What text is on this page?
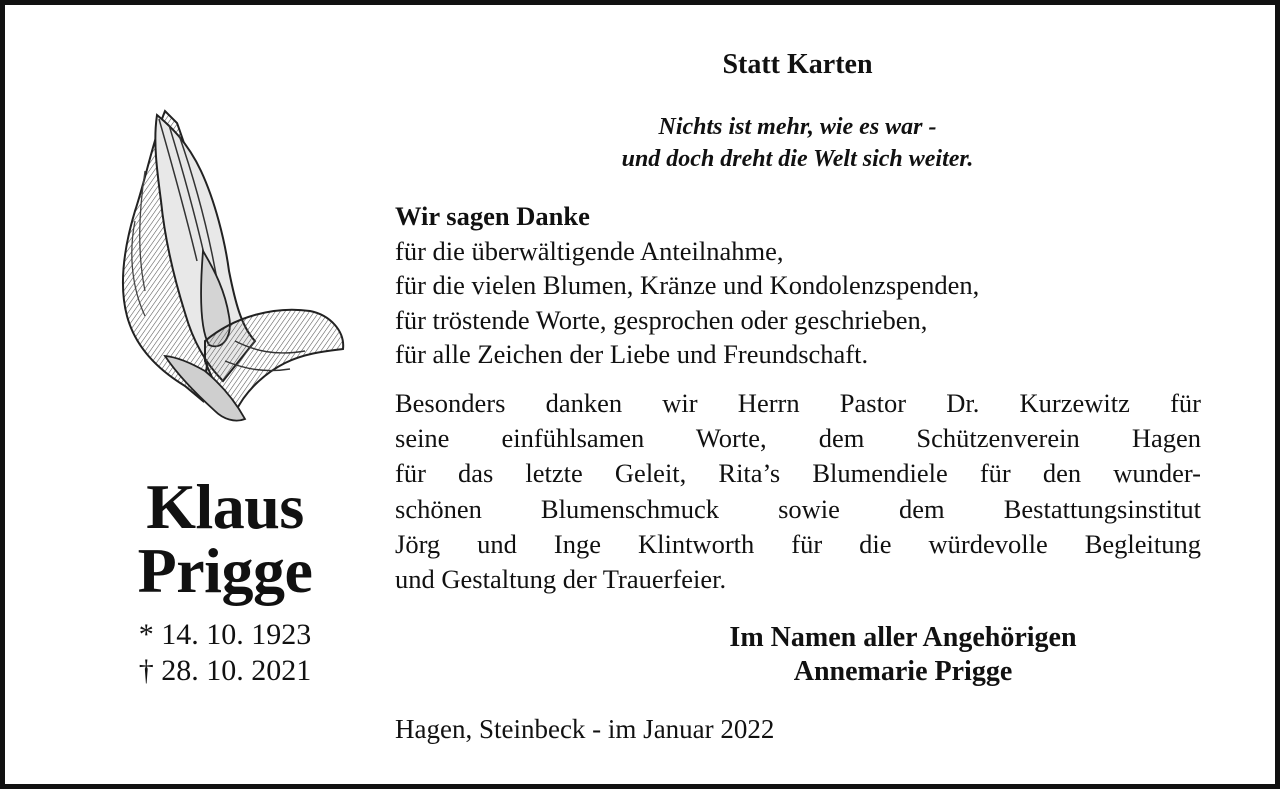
Klaus
Prigge
* 14. 10. 1923
† 28. 10. 2021
Statt Karten
Nichts ist mehr, wie es war -
und doch dreht die Welt sich weiter.
Wir sagen Danke
für die überwältigende Anteilnahme,
für die vielen Blumen, Kränze und Kondolenzspenden,
für tröstende Worte, gesprochen oder geschrieben,
für alle Zeichen der Liebe und Freundschaft.
Besonders danken wir Herrn Pastor Dr. Kurzewitz für
seine einfühlsamen Worte, dem Schützenverein Hagen
für das letzte Geleit, Rita’s Blumendiele für den wunder-
schönen Blumenschmuck sowie dem Bestattungsinstitut
Jörg und Inge Klintworth für die würdevolle Begleitung
und Gestaltung der Trauerfeier.
Im Namen aller Angehörigen
Annemarie Prigge
Hagen, Steinbeck - im Januar 2022
